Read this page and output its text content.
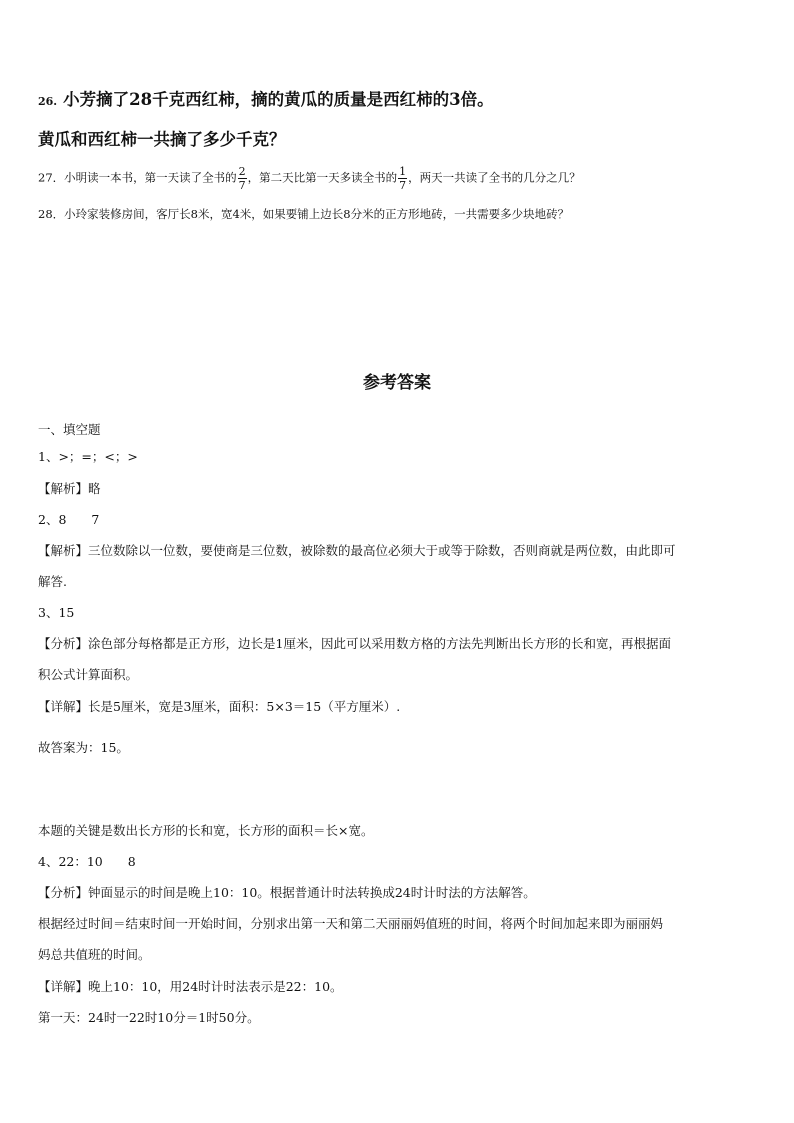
26. 小芳摘了28千克西红柿，摘的黄瓜的质量是西红柿的3倍。
黄瓜和西红柿一共摘了多少千克？
27．小明读一本书，第一天读了全书的 $\frac{2}{7}$ ，第二天比第一天多读全书的 $\frac{1}{7}$ ，两天一共读了全书的几分之几？
28．小玲家装修房间，客厅长8米，宽4米，如果要铺上边长8分米的正方形地砖，一共需要多少块地砖？
参考答案
一、填空题
1、>；=；<；>
【解析】略
2、8　　7
【解析】三位数除以一位数，要使商是三位数，被除数的最高位必须大于或等于除数，否则商就是两位数，由此即可
解答.
3、15
【分析】涂色部分每格都是正方形，边长是1厘米，因此可以采用数方格的方法先判断出长方形的长和宽，再根据面
积公式计算面积。
【详解】长是5厘米，宽是3厘米，面积：5×3＝15（平方厘米）.
故答案为：15。
本题的关键是数出长方形的长和宽，长方形的面积＝长×宽。
4、22：10　　8
【分析】钟面显示的时间是晚上10：10。根据普通计时法转换成24时计时法的方法解答。
根据经过时间＝结束时间一开始时间，分别求出第一天和第二天丽丽妈值班的时间，将两个时间加起来即为丽丽妈
妈总共值班的时间。
【详解】晚上10：10，用24时计时法表示是22：10。
第一天：24时一22时10分＝1时50分。
